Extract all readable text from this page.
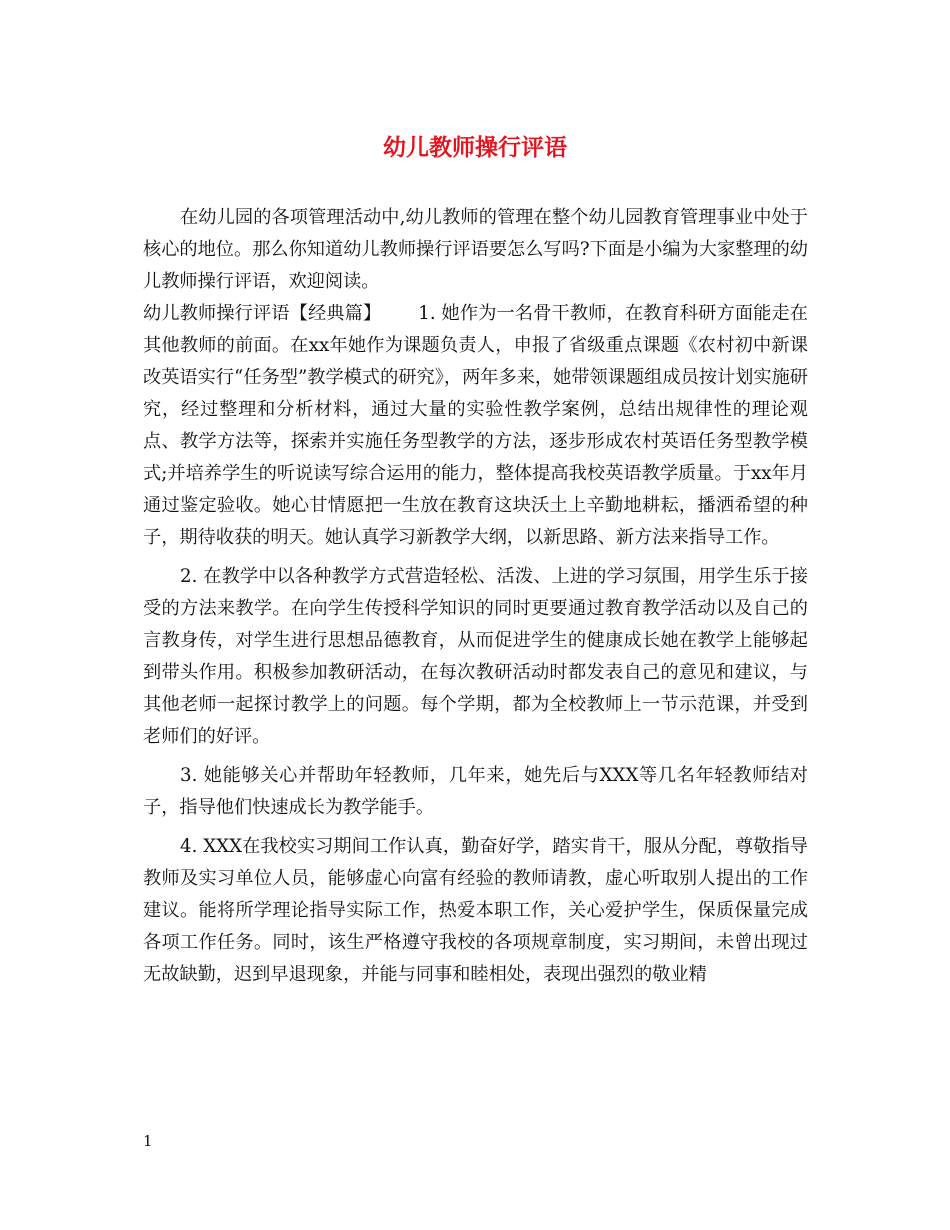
幼儿教师操行评语

在幼儿园的各项管理活动中,幼儿教师的管理在整个幼儿园教育管理事业中处于核心的地位。那么你知道幼儿教师操行评语要怎么写吗?下面是小编为大家整理的幼儿教师操行评语，欢迎阅读。

幼儿教师操行评语【经典篇】 1. 她作为一名骨干教师，在教育科研方面能走在其他教师的前面。在xx年她作为课题负责人，申报了省级重点课题《农村初中新课改英语实行“任务型”教学模式的研究》，两年多来，她带领课题组成员按计划实施研究，经过整理和分析材料，通过大量的实验性教学案例，总结出规律性的理论观点、教学方法等，探索并实施任务型教学的方法，逐步形成农村英语任务型教学模式;并培养学生的听说读写综合运用的能力，整体提高我校英语教学质量。于xx年月通过鉴定验收。她心甘情愿把一生放在教育这块沃土上辛勤地耕耘，播洒希望的种子，期待收获的明天。她认真学习新教学大纲，以新思路、新方法来指导工作。

2. 在教学中以各种教学方式营造轻松、活泼、上进的学习氛围，用学生乐于接受的方法来教学。在向学生传授科学知识的同时更要通过教育教学活动以及自己的言教身传，对学生进行思想品德教育，从而促进学生的健康成长她在教学上能够起到带头作用。积极参加教研活动，在每次教研活动时都发表自己的意见和建议，与其他老师一起探讨教学上的问题。每个学期，都为全校教师上一节示范课，并受到老师们的好评。

3. 她能够关心并帮助年轻教师，几年来，她先后与XXX等几名年轻教师结对子，指导他们快速成长为教学能手。

4. XXX在我校实习期间工作认真，勤奋好学，踏实肯干，服从分配，尊敬指导教师及实习单位人员，能够虚心向富有经验的教师请教，虚心听取别人提出的工作建议。能将所学理论指导实际工作，热爱本职工作，关心爱护学生，保质保量完成各项工作任务。同时，该生严格遵守我校的各项规章制度，实习期间，未曾出现过无故缺勤，迟到早退现象，并能与同事和睦相处，表现出强烈的敬业精

1
